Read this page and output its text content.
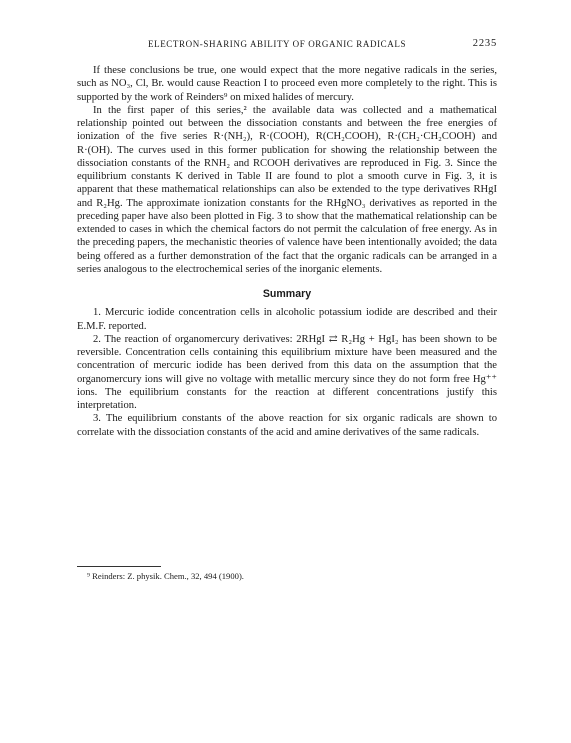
ELECTRON-SHARING ABILITY OF ORGANIC RADICALS	2235

If these conclusions be true, one would expect that the more negative radicals in the series, such as NO₃, Cl, Br. would cause Reaction I to proceed even more completely to the right. This is supported by the work of Reinders⁹ on mixed halides of mercury.

In the first paper of this series,² the available data was collected and a mathematical relationship pointed out between the dissociation constants and between the free energies of ionization of the five series R·(NH₂), R·(COOH), R(CH₂COOH), R·(CH₂·CH₂COOH) and R·(OH). The curves used in this former publication for showing the relationship between the dissociation constants of the RNH₂ and RCOOH derivatives are reproduced in Fig. 3. Since the equilibrium constants K derived in Table II are found to plot a smooth curve in Fig. 3, it is apparent that these mathematical relationships can also be extended to the type derivatives RHgI and R₂Hg. The approximate ionization constants for the RHgNO₃ derivatives as reported in the preceding paper have also been plotted in Fig. 3 to show that the mathematical relationship can be extended to cases in which the chemical factors do not permit the calculation of free energy. As in the preceding papers, the mechanistic theories of valence have been intentionally avoided; the data being offered as a further demonstration of the fact that the organic radicals can be arranged in a series analogous to the electrochemical series of the inorganic elements.

Summary

1. Mercuric iodide concentration cells in alcoholic potassium iodide are described and their E.M.F. reported.

2. The reaction of organomercury derivatives: 2RHgI ⇄ R₂Hg + HgI₂ has been shown to be reversible. Concentration cells containing this equilibrium mixture have been measured and the concentration of mercuric iodide has been derived from this data on the assumption that the organomercury ions will give no voltage with metallic mercury since they do not form free Hg⁺⁺ ions. The equilibrium constants for the reaction at different concentrations justify this interpretation.

3. The equilibrium constants of the above reaction for six organic radicals are shown to correlate with the dissociation constants of the acid and amine derivatives of the same radicals.

⁹ Reinders: Z. physik. Chem., 32, 494 (1900).
